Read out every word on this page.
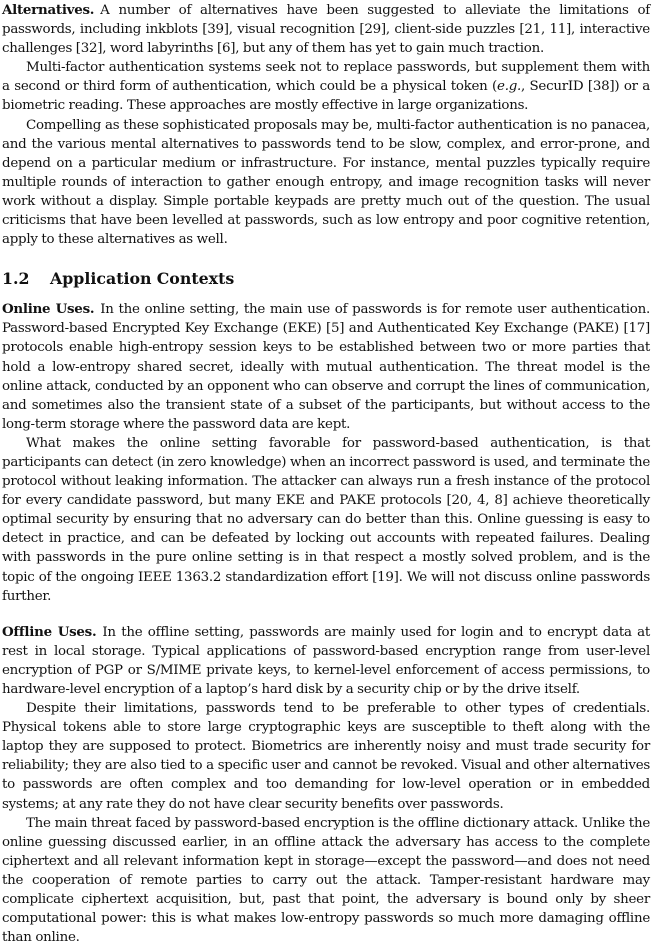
Alternatives. A number of alternatives have been suggested to alleviate the limitations of passwords, including inkblots [39], visual recognition [29], client-side puzzles [21, 11], interactive challenges [32], word labyrinths [6], but any of them has yet to gain much traction.

Multi-factor authentication systems seek not to replace passwords, but supplement them with a second or third form of authentication, which could be a physical token (e.g., SecurID [38]) or a biometric reading. These approaches are mostly effective in large organizations.

Compelling as these sophisticated proposals may be, multi-factor authentication is no panacea, and the various mental alternatives to passwords tend to be slow, complex, and error-prone, and depend on a particular medium or infrastructure. For instance, mental puzzles typically require multiple rounds of interaction to gather enough entropy, and image recognition tasks will never work without a display. Simple portable keypads are pretty much out of the question. The usual criticisms that have been levelled at passwords, such as low entropy and poor cognitive retention, apply to these alternatives as well.

1.2 Application Contexts

Online Uses. In the online setting, the main use of passwords is for remote user authentication. Password-based Encrypted Key Exchange (EKE) [5] and Authenticated Key Exchange (PAKE) [17] protocols enable high-entropy session keys to be established between two or more parties that hold a low-entropy shared secret, ideally with mutual authentication. The threat model is the online attack, conducted by an opponent who can observe and corrupt the lines of communication, and sometimes also the transient state of a subset of the participants, but without access to the long-term storage where the password data are kept.

What makes the online setting favorable for password-based authentication, is that participants can detect (in zero knowledge) when an incorrect password is used, and terminate the protocol without leaking information. The attacker can always run a fresh instance of the protocol for every candidate password, but many EKE and PAKE protocols [20, 4, 8] achieve theoretically optimal security by ensuring that no adversary can do better than this. Online guessing is easy to detect in practice, and can be defeated by locking out accounts with repeated failures. Dealing with passwords in the pure online setting is in that respect a mostly solved problem, and is the topic of the ongoing IEEE 1363.2 standardization effort [19]. We will not discuss online passwords further.

Offline Uses. In the offline setting, passwords are mainly used for login and to encrypt data at rest in local storage. Typical applications of password-based encryption range from user-level encryption of PGP or S/MIME private keys, to kernel-level enforcement of access permissions, to hardware-level encryption of a laptop’s hard disk by a security chip or by the drive itself.

Despite their limitations, passwords tend to be preferable to other types of credentials. Physical tokens able to store large cryptographic keys are susceptible to theft along with the laptop they are supposed to protect. Biometrics are inherently noisy and must trade security for reliability; they are also tied to a specific user and cannot be revoked. Visual and other alternatives to passwords are often complex and too demanding for low-level operation or in embedded systems; at any rate they do not have clear security benefits over passwords.

The main threat faced by password-based encryption is the offline dictionary attack. Unlike the online guessing discussed earlier, in an offline attack the adversary has access to the complete ciphertext and all relevant information kept in storage—except the password—and does not need the cooperation of remote parties to carry out the attack. Tamper-resistant hardware may complicate ciphertext acquisition, but, past that point, the adversary is bound only by sheer computational power: this is what makes low-entropy passwords so much more damaging offline than online.
